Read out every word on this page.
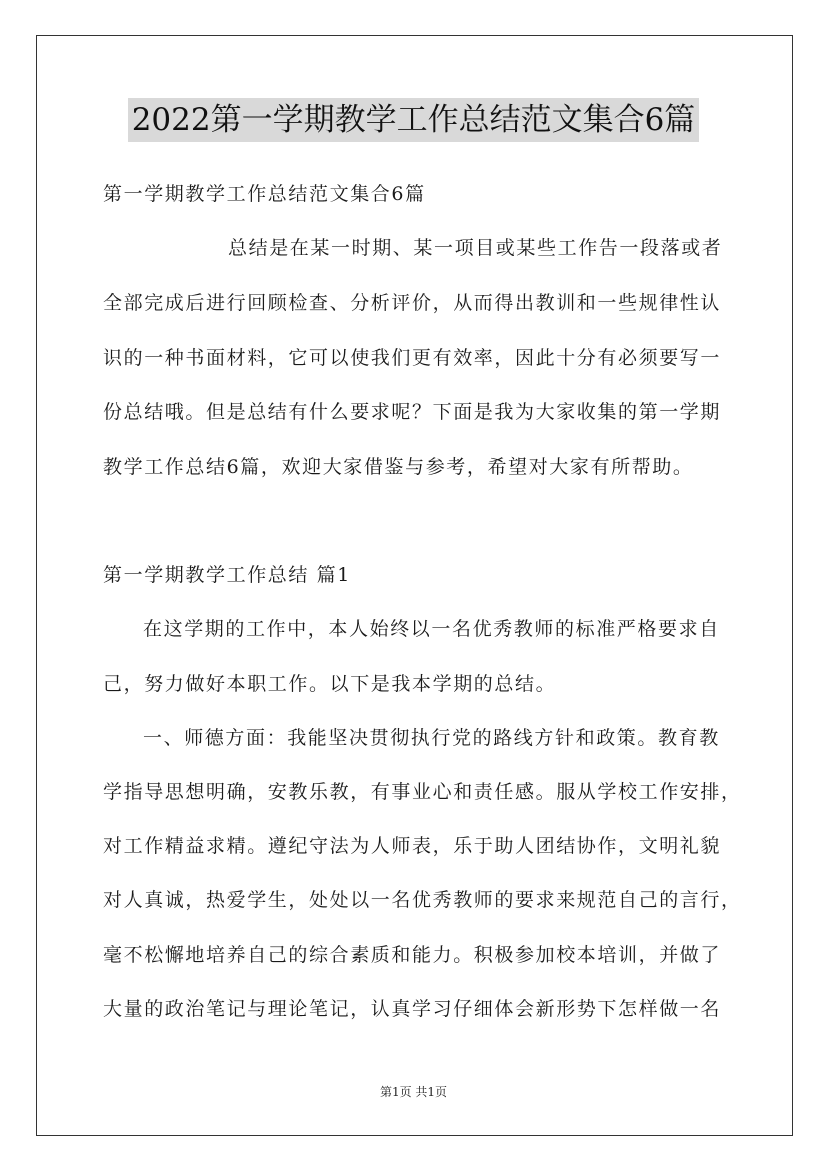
2022第一学期教学工作总结范文集合6篇
第一学期教学工作总结范文集合6篇
总结是在某一时期、某一项目或某些工作告一段落或者
全部完成后进行回顾检查、分析评价，从而得出教训和一些规律性认
识的一种书面材料，它可以使我们更有效率，因此十分有必须要写一
份总结哦。但是总结有什么要求呢？下面是我为大家收集的第一学期
教学工作总结6篇，欢迎大家借鉴与参考，希望对大家有所帮助。
第一学期教学工作总结 篇1
在这学期的工作中，本人始终以一名优秀教师的标准严格要求自
己，努力做好本职工作。以下是我本学期的总结。
一、师德方面：我能坚决贯彻执行党的路线方针和政策。教育教
学指导思想明确，安教乐教，有事业心和责任感。服从学校工作安排，
对工作精益求精。遵纪守法为人师表，乐于助人团结协作，文明礼貌
对人真诚，热爱学生，处处以一名优秀教师的要求来规范自己的言行，
毫不松懈地培养自己的综合素质和能力。积极参加校本培训，并做了
大量的政治笔记与理论笔记，认真学习仔细体会新形势下怎样做一名
第1页 共1页
